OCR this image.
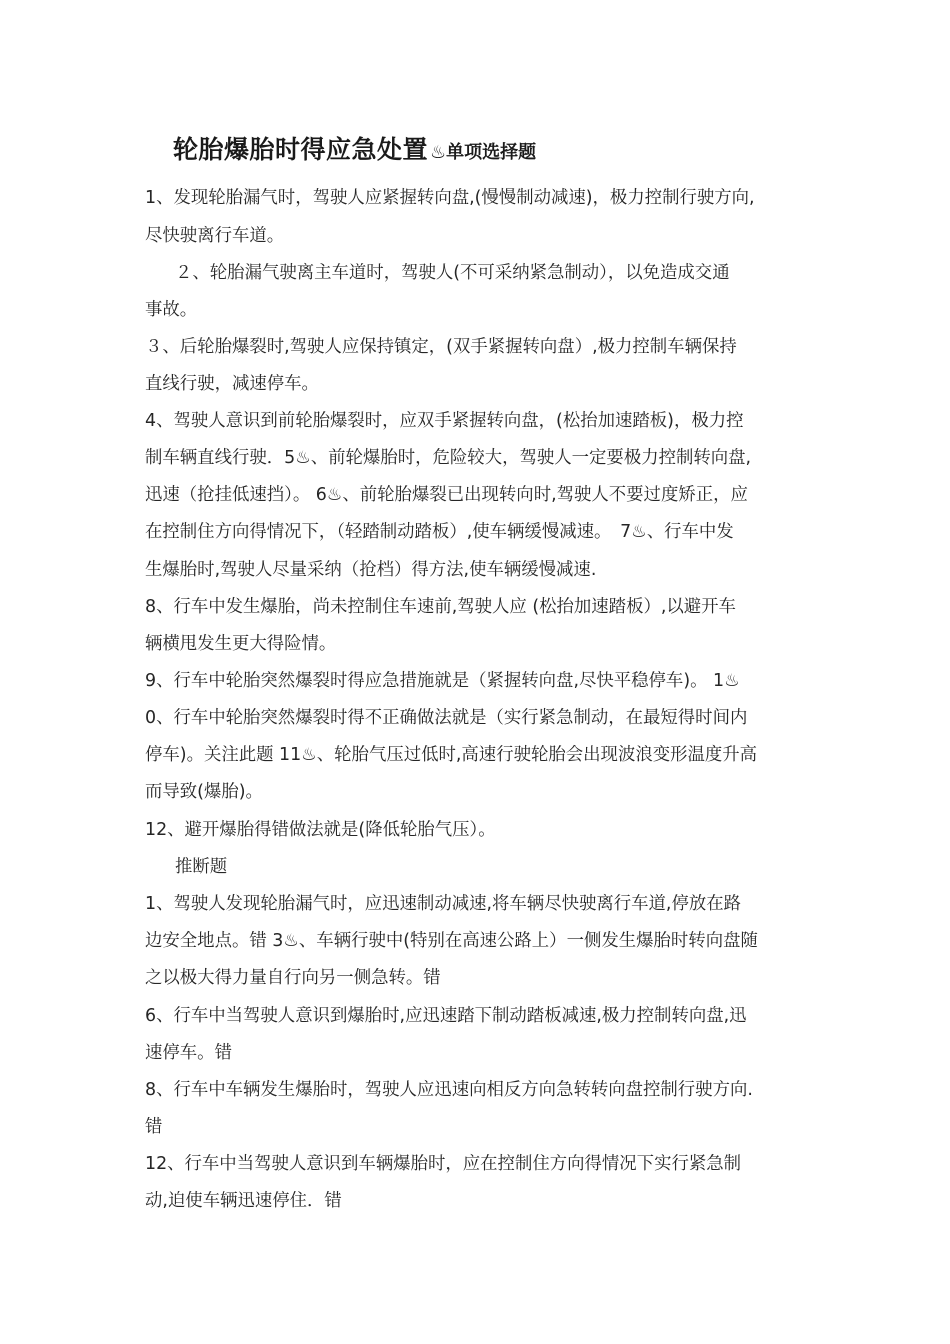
轮胎爆胎时得应急处置 ♨单项选择题
1、发现轮胎漏气时，驾驶人应紧握转向盘,(慢慢制动减速)，极力控制行驶方向,
尽快驶离行车道。
２、轮胎漏气驶离主车道时，驾驶人(不可采纳紧急制动），以免造成交通
事故。
３、后轮胎爆裂时,驾驶人应保持镇定，(双手紧握转向盘）,极力控制车辆保持
直线行驶，减速停车。
4、驾驶人意识到前轮胎爆裂时，应双手紧握转向盘，(松抬加速踏板)，极力控
制车辆直线行驶．5♨、前轮爆胎时，危险较大，驾驶人一定要极力控制转向盘,
迅速（抢挂低速挡）。 6♨、前轮胎爆裂已出现转向时,驾驶人不要过度矫正，应
在控制住方向得情况下，（轻踏制动踏板）,使车辆缓慢减速。　7♨、行车中发
生爆胎时,驾驶人尽量采纳（抢档）得方法,使车辆缓慢减速.
8、行车中发生爆胎，尚未控制住车速前,驾驶人应 (松抬加速踏板）,以避开车
辆横甩发生更大得险情。
9、行车中轮胎突然爆裂时得应急措施就是（紧握转向盘,尽快平稳停车)。 1♨
0、行车中轮胎突然爆裂时得不正确做法就是（实行紧急制动，在最短得时间内
停车)。关注此题 11♨、轮胎气压过低时,高速行驶轮胎会出现波浪变形温度升高
而导致(爆胎)。
12、避开爆胎得错做法就是(降低轮胎气压）。
推断题
1、驾驶人发现轮胎漏气时，应迅速制动减速,将车辆尽快驶离行车道,停放在路
边安全地点。错 3♨、车辆行驶中(特别在高速公路上）一侧发生爆胎时转向盘随
之以极大得力量自行向另一侧急转。错
6、行车中当驾驶人意识到爆胎时,应迅速踏下制动踏板减速,极力控制转向盘,迅
速停车。错
8、行车中车辆发生爆胎时，驾驶人应迅速向相反方向急转转向盘控制行驶方向.
错
12、行车中当驾驶人意识到车辆爆胎时，应在控制住方向得情况下实行紧急制
动,迫使车辆迅速停住．错
